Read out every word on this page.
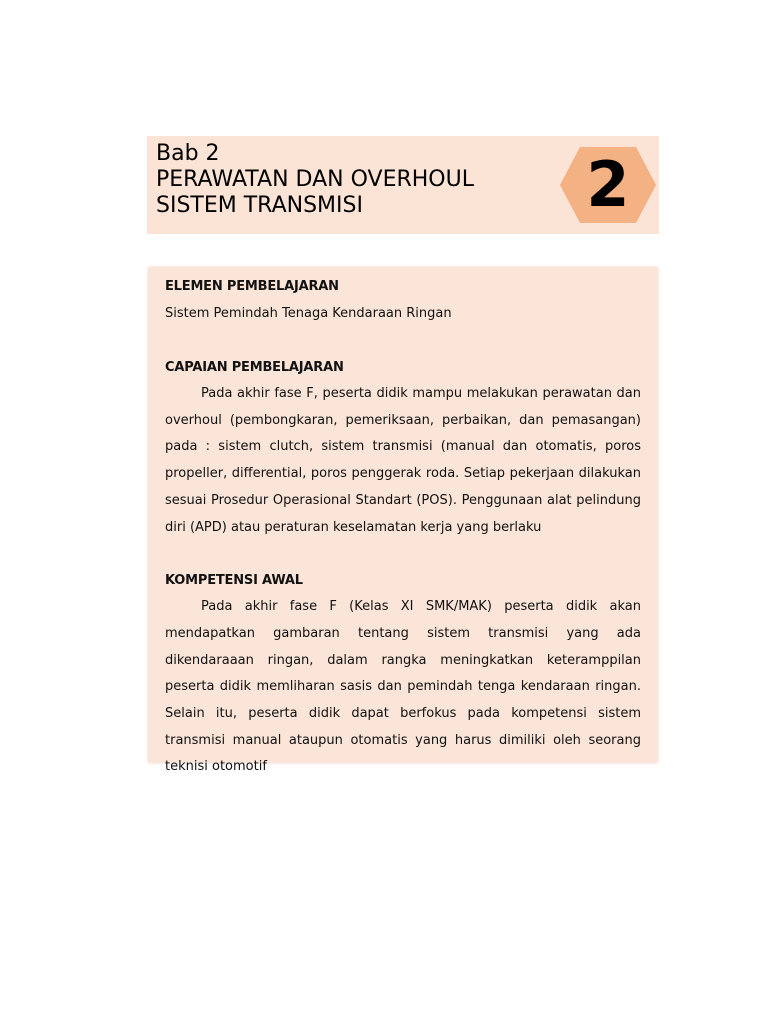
Bab 2
PERAWATAN DAN OVERHOUL
SISTEM TRANSMISI	2
ELEMEN PEMBELAJARAN
Sistem Pemindah Tenaga Kendaraan Ringan
CAPAIAN PEMBELAJARAN

Pada akhir fase F, peserta didik mampu melakukan perawatan dan overhoul (pembongkaran, pemeriksaan, perbaikan, dan pemasangan) pada : sistem clutch, sistem transmisi (manual dan otomatis, poros propeller, differential, poros penggerak roda. Setiap pekerjaan dilakukan sesuai Prosedur Operasional Standart (POS). Penggunaan alat pelindung diri (APD) atau peraturan keselamatan kerja yang berlaku

KOMPETENSI AWAL

Pada akhir fase F (Kelas XI SMK/MAK) peserta didik akan mendapatkan gambaran tentang sistem transmisi yang ada dikendaraaan ringan, dalam rangka meningkatkan keteramppilan peserta didik memliharan sasis dan pemindah tenga kendaraan ringan. Selain itu, peserta didik dapat berfokus pada kompetensi sistem transmisi manual ataupun otomatis yang harus dimiliki oleh seorang teknisi otomotif
